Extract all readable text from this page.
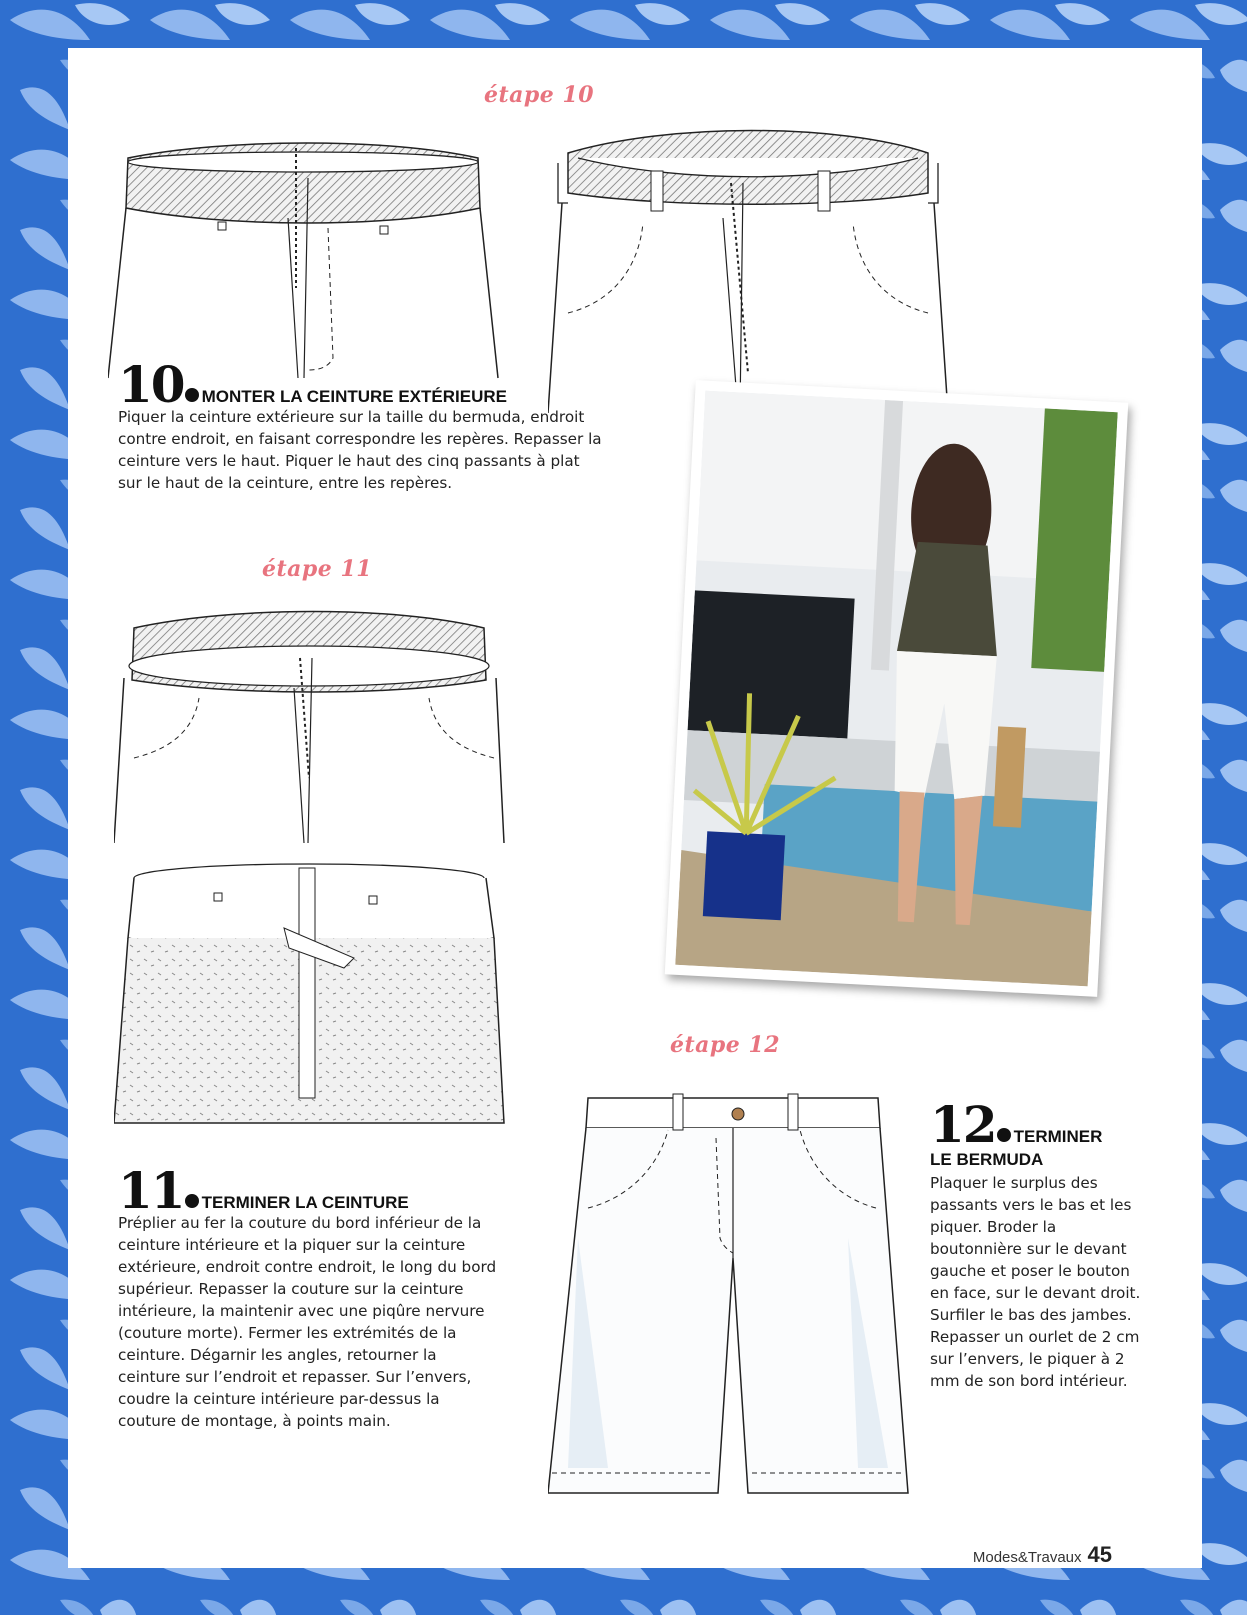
étape 10
10 MONTER LA CEINTURE EXTÉRIEURE

Piquer la ceinture extérieure sur la taille du bermuda, endroit contre endroit, en faisant correspondre les repères. Repasser la ceinture vers le haut. Piquer le haut des cinq passants à plat sur le haut de la ceinture, entre les repères.

étape 11
11 TERMINER LA CEINTURE

Préplier au fer la couture du bord inférieur de la ceinture intérieure et la piquer sur la ceinture extérieure, endroit contre endroit, le long du bord supérieur. Repasser la couture sur la ceinture intérieure, la maintenir avec une piqûre nervure (couture morte). Fermer les extrémités de la ceinture. Dégarnir les angles, retourner la ceinture sur l’endroit et repasser. Sur l’envers, coudre la ceinture intérieure par-dessus la couture de montage, à points main.

étape 12
12 TERMINER
LE BERMUDA

Plaquer le surplus des passants vers le bas et les piquer. Broder la boutonnière sur le devant gauche et poser le bouton en face, sur le devant droit. Surfiler le bas des jambes. Repasser un ourlet de 2 cm sur l’envers, le piquer à 2 mm de son bord intérieur.

Modes&Travaux 45
